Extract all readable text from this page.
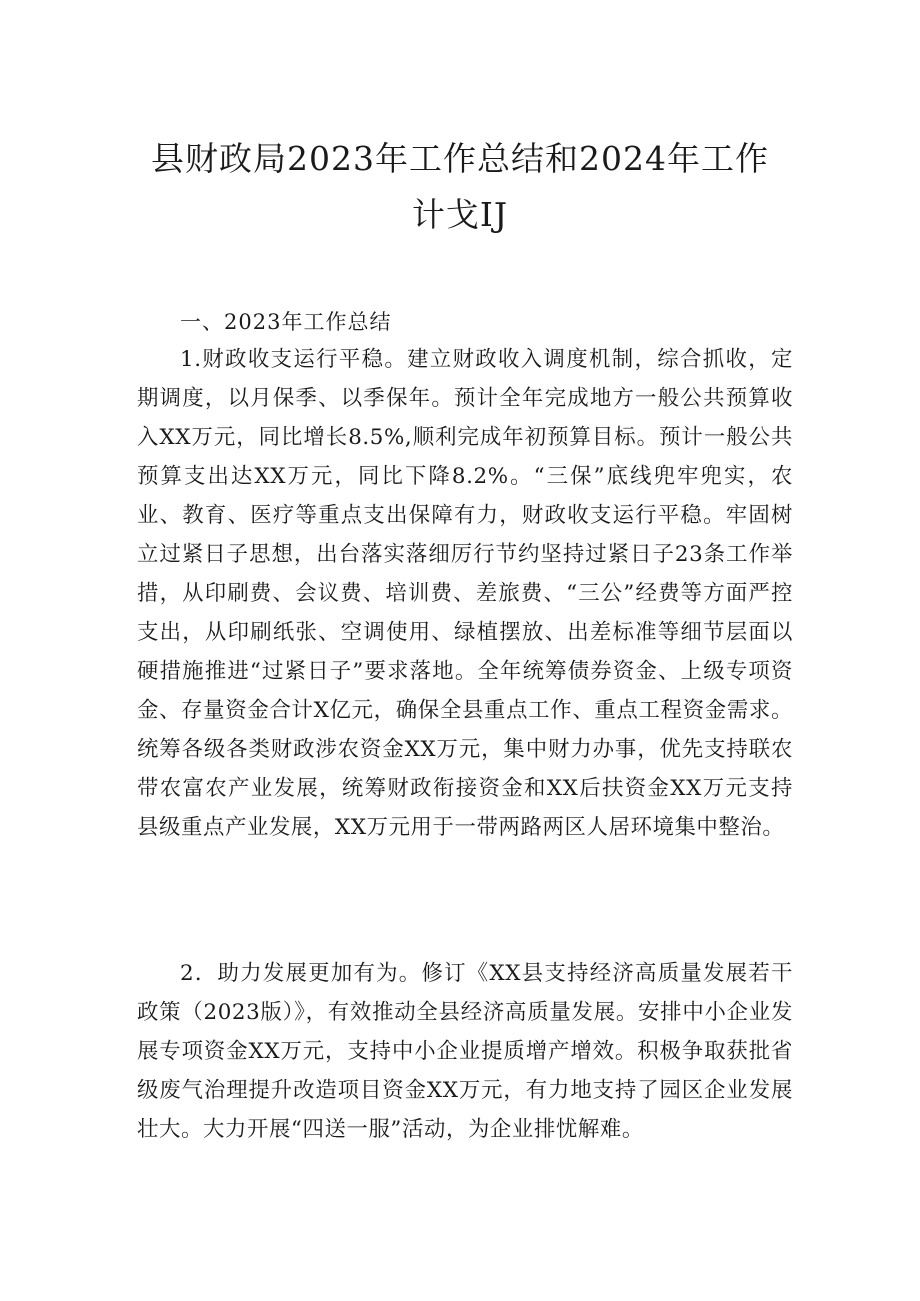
县财政局2023年工作总结和2024年工作
计戈IJ
一、2023年工作总结

1.财政收支运行平稳。建立财政收入调度机制，综合抓收，定期调度，以月保季、以季保年。预计全年完成地方一般公共预算收入XX万元，同比增长8.5%,顺利完成年初预算目标。预计一般公共预算支出达XX万元，同比下降8.2%。“三保”底线兜牢兜实，农业、教育、医疗等重点支出保障有力，财政收支运行平稳。牢固树立过紧日子思想，出台落实落细厉行节约坚持过紧日子23条工作举措，从印刷费、会议费、培训费、差旅费、“三公”经费等方面严控支出，从印刷纸张、空调使用、绿植摆放、出差标准等细节层面以硬措施推进“过紧日子”要求落地。全年统筹债券资金、上级专项资金、存量资金合计X亿元，确保全县重点工作、重点工程资金需求。统筹各级各类财政涉农资金XX万元，集中财力办事，优先支持联农带农富农产业发展，统筹财政衔接资金和XX后扶资金XX万元支持县级重点产业发展，XX万元用于一带两路两区人居环境集中整治。

2．助力发展更加有为。修订《XX县支持经济高质量发展若干政策（2023版）》，有效推动全县经济高质量发展。安排中小企业发展专项资金XX万元，支持中小企业提质增产增效。积极争取获批省级废气治理提升改造项目资金XX万元，有力地支持了园区企业发展壮大。大力开展“四送一服”活动，为企业排忧解难。
